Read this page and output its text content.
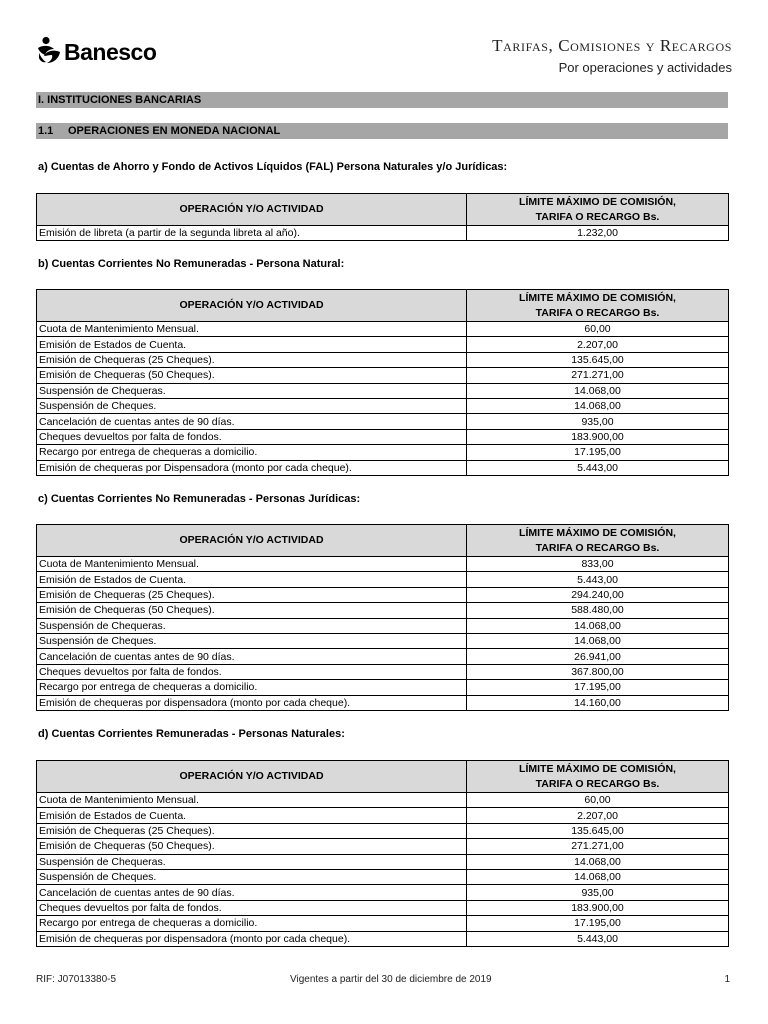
Banesco	Tarifas, Comisiones y Recargos
Por operaciones y actividades
I. INSTITUCIONES BANCARIAS
1.1 OPERACIONES EN MONEDA NACIONAL
a) Cuentas de Ahorro y Fondo de Activos Líquidos (FAL) Persona Naturales y/o Jurídicas:
OPERACIÓN Y/O ACTIVIDAD	LÍMITE MÁXIMO DE COMISIÓN,
TARIFA O RECARGO Bs.
Emisión de libreta (a partir de la segunda libreta al año).	1.232,00
b) Cuentas Corrientes No Remuneradas - Persona Natural:
OPERACIÓN Y/O ACTIVIDAD	LÍMITE MÁXIMO DE COMISIÓN,
TARIFA O RECARGO Bs.
Cuota de Mantenimiento Mensual.	60,00
Emisión de Estados de Cuenta.	2.207,00
Emisión de Chequeras (25 Cheques).	135.645,00
Emisión de Chequeras (50 Cheques).	271.271,00
Suspensión de Chequeras.	14.068,00
Suspensión de Cheques.	14.068,00
Cancelación de cuentas antes de 90 días.	935,00
Cheques devueltos por falta de fondos.	183.900,00
Recargo por entrega de chequeras a domicilio.	17.195,00
Emisión de chequeras por Dispensadora (monto por cada cheque).	5.443,00
c) Cuentas Corrientes No Remuneradas - Personas Jurídicas:
OPERACIÓN Y/O ACTIVIDAD	LÍMITE MÁXIMO DE COMISIÓN,
TARIFA O RECARGO Bs.
Cuota de Mantenimiento Mensual.	833,00
Emisión de Estados de Cuenta.	5.443,00
Emisión de Chequeras (25 Cheques).	294.240,00
Emisión de Chequeras (50 Cheques).	588.480,00
Suspensión de Chequeras.	14.068,00
Suspensión de Cheques.	14.068,00
Cancelación de cuentas antes de 90 días.	26.941,00
Cheques devueltos por falta de fondos.	367.800,00
Recargo por entrega de chequeras a domicilio.	17.195,00
Emisión de chequeras por dispensadora (monto por cada cheque).	14.160,00
d) Cuentas Corrientes Remuneradas - Personas Naturales:
OPERACIÓN Y/O ACTIVIDAD	LÍMITE MÁXIMO DE COMISIÓN,
TARIFA O RECARGO Bs.
Cuota de Mantenimiento Mensual.	60,00
Emisión de Estados de Cuenta.	2.207,00
Emisión de Chequeras (25 Cheques).	135.645,00
Emisión de Chequeras (50 Cheques).	271.271,00
Suspensión de Chequeras.	14.068,00
Suspensión de Cheques.	14.068,00
Cancelación de cuentas antes de 90 días.	935,00
Cheques devueltos por falta de fondos.	183.900,00
Recargo por entrega de chequeras a domicilio.	17.195,00
Emisión de chequeras por dispensadora (monto por cada cheque).	5.443,00
RIF: J07013380-5	Vigentes a partir del 30 de diciembre de 2019	1
